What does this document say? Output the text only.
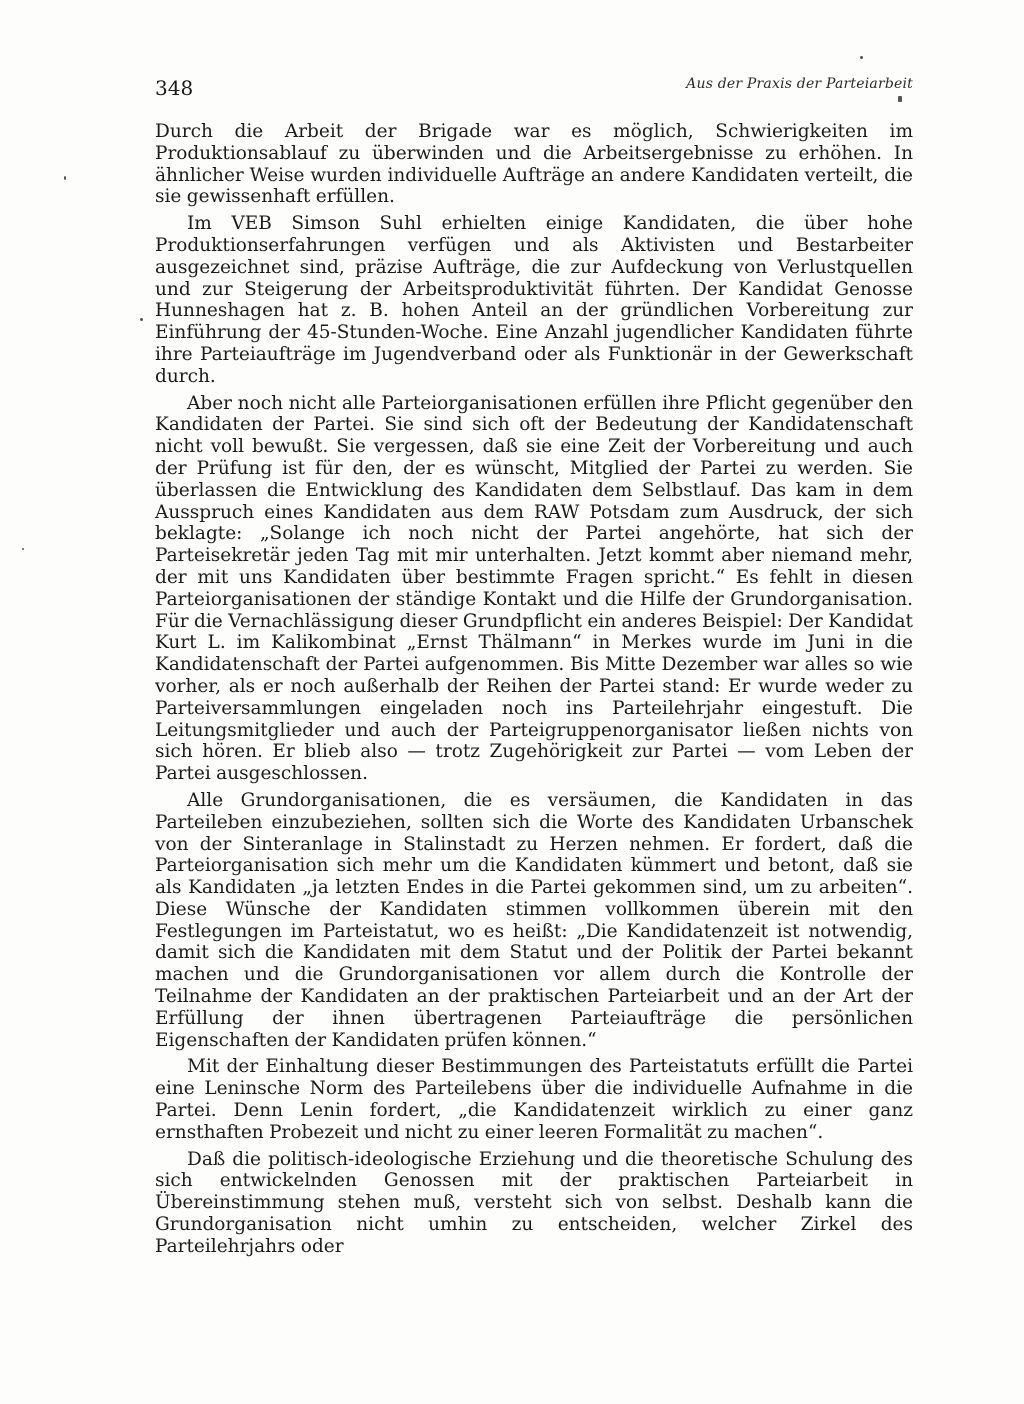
348	Aus der Praxis der Parteiarbeit

Durch die Arbeit der Brigade war es möglich, Schwierigkeiten im Produktionsablauf zu überwinden und die Arbeitsergebnisse zu erhöhen. In ähnlicher Weise wurden individuelle Aufträge an andere Kandidaten verteilt, die sie gewissenhaft erfüllen.

Im VEB Simson Suhl erhielten einige Kandidaten, die über hohe Produktionserfahrungen verfügen und als Aktivisten und Bestarbeiter ausgezeichnet sind, präzise Aufträge, die zur Aufdeckung von Verlustquellen und zur Steigerung der Arbeitsproduktivität führten. Der Kandidat Genosse Hunneshagen hat z. B. hohen Anteil an der gründlichen Vorbereitung zur Einführung der 45-Stunden-Woche. Eine Anzahl jugendlicher Kandidaten führte ihre Parteiaufträge im Jugendverband oder als Funktionär in der Gewerkschaft durch.

Aber noch nicht alle Parteiorganisationen erfüllen ihre Pflicht gegenüber den Kandidaten der Partei. Sie sind sich oft der Bedeutung der Kandidatenschaft nicht voll bewußt. Sie vergessen, daß sie eine Zeit der Vorbereitung und auch der Prüfung ist für den, der es wünscht, Mitglied der Partei zu werden. Sie überlassen die Entwicklung des Kandidaten dem Selbstlauf. Das kam in dem Ausspruch eines Kandidaten aus dem RAW Potsdam zum Ausdruck, der sich beklagte: „Solange ich noch nicht der Partei angehörte, hat sich der Parteisekretär jeden Tag mit mir unterhalten. Jetzt kommt aber niemand mehr, der mit uns Kandidaten über bestimmte Fragen spricht.“ Es fehlt in diesen Parteiorganisationen der ständige Kontakt und die Hilfe der Grundorganisation. Für die Vernachlässigung dieser Grundpflicht ein anderes Beispiel: Der Kandidat Kurt L. im Kalikombinat „Ernst Thälmann“ in Merkes wurde im Juni in die Kandidatenschaft der Partei aufgenommen. Bis Mitte Dezember war alles so wie vorher, als er noch außerhalb der Reihen der Partei stand: Er wurde weder zu Parteiversammlungen eingeladen noch ins Parteilehrjahr eingestuft. Die Leitungsmitglieder und auch der Parteigruppenorganisator ließen nichts von sich hören. Er blieb also — trotz Zugehörigkeit zur Partei — vom Leben der Partei ausgeschlossen.

Alle Grundorganisationen, die es versäumen, die Kandidaten in das Parteileben einzubeziehen, sollten sich die Worte des Kandidaten Urbanschek von der Sinteranlage in Stalinstadt zu Herzen nehmen. Er fordert, daß die Parteiorganisation sich mehr um die Kandidaten kümmert und betont, daß sie als Kandidaten „ja letzten Endes in die Partei gekommen sind, um zu arbeiten“. Diese Wünsche der Kandidaten stimmen vollkommen überein mit den Festlegungen im Parteistatut, wo es heißt: „Die Kandidatenzeit ist notwendig, damit sich die Kandidaten mit dem Statut und der Politik der Partei bekannt machen und die Grundorganisationen vor allem durch die Kontrolle der Teilnahme der Kandidaten an der praktischen Parteiarbeit und an der Art der Erfüllung der ihnen übertragenen Parteiaufträge die persönlichen Eigenschaften der Kandidaten prüfen können.“

Mit der Einhaltung dieser Bestimmungen des Parteistatuts erfüllt die Partei eine Leninsche Norm des Parteilebens über die individuelle Aufnahme in die Partei. Denn Lenin fordert, „die Kandidatenzeit wirklich zu einer ganz ernsthaften Probezeit und nicht zu einer leeren Formalität zu machen“.

Daß die politisch-ideologische Erziehung und die theoretische Schulung des sich entwickelnden Genossen mit der praktischen Parteiarbeit in Übereinstimmung stehen muß, versteht sich von selbst. Deshalb kann die Grundorganisation nicht umhin zu entscheiden, welcher Zirkel des Parteilehrjahrs oder
